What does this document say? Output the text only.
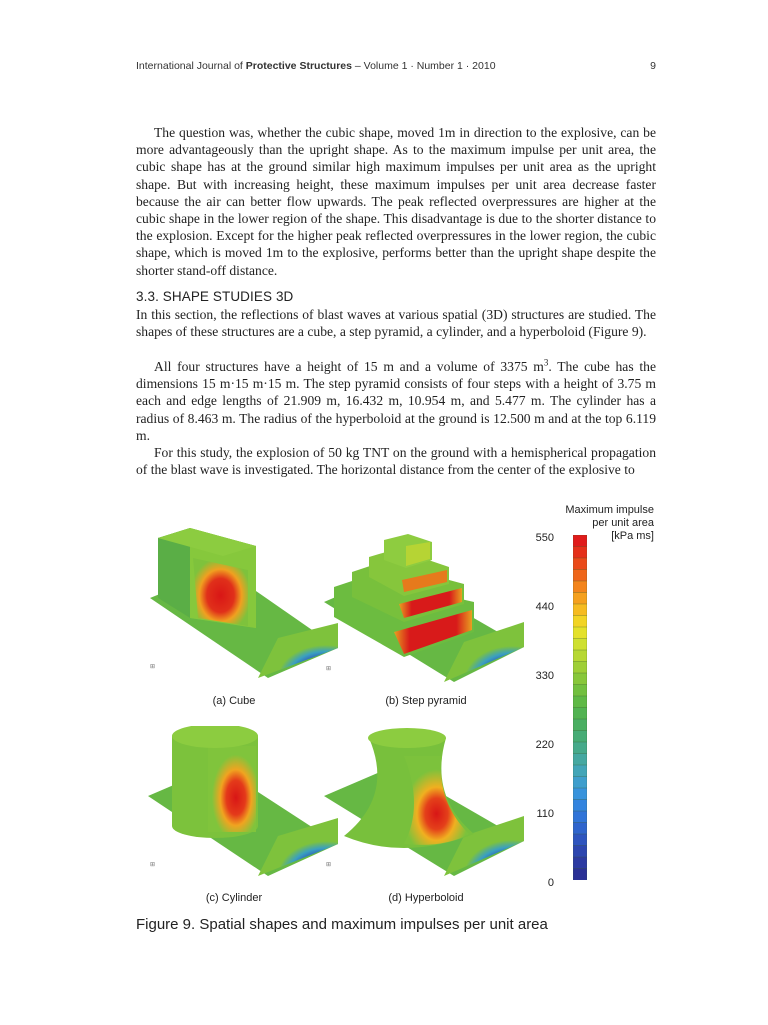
International Journal of Protective Structures – Volume 1 · Number 1 · 2010	9
The question was, whether the cubic shape, moved 1m in direction to the explosive, can be more advantageously than the upright shape. As to the maximum impulse per unit area, the cubic shape has at the ground similar high maximum impulses per unit area as the upright shape. But with increasing height, these maximum impulses per unit area decrease faster because the air can better flow upwards. The peak reflected overpressures are higher at the cubic shape in the lower region of the shape. This disadvantage is due to the shorter distance to the explosion. Except for the higher peak reflected overpressures in the lower region, the cubic shape, which is moved 1m to the explosive, performs better than the upright shape despite the shorter stand-off distance.
3.3. SHAPE STUDIES 3D
In this section, the reflections of blast waves at various spatial (3D) structures are studied. The shapes of these structures are a cube, a step pyramid, a cylinder, and a hyperboloid (Figure 9).
All four structures have a height of 15 m and a volume of 3375 $m^3$. The cube has the dimensions 15 m·15 m·15 m. The step pyramid consists of four steps with a height of 3.75 m each and edge lengths of 21.909 m, 16.432 m, 10.954 m, and 5.477 m. The cylinder has a radius of 8.463 m. The radius of the hyperboloid at the ground is 12.500 m and at the top 6.119 m.
For this study, the explosion of 50 kg TNT on the ground with a hemispherical propagation of the blast wave is investigated. The horizontal distance from the center of the explosive to
⊞
(a) Cube
⊞
(b) Step pyramid
⊞
(c) Cylinder
⊞
(d) Hyperboloid
Maximum impulse
per unit area
[kPa ms]
550
440
330
220
110
0
Figure 9. Spatial shapes and maximum impulses per unit area
